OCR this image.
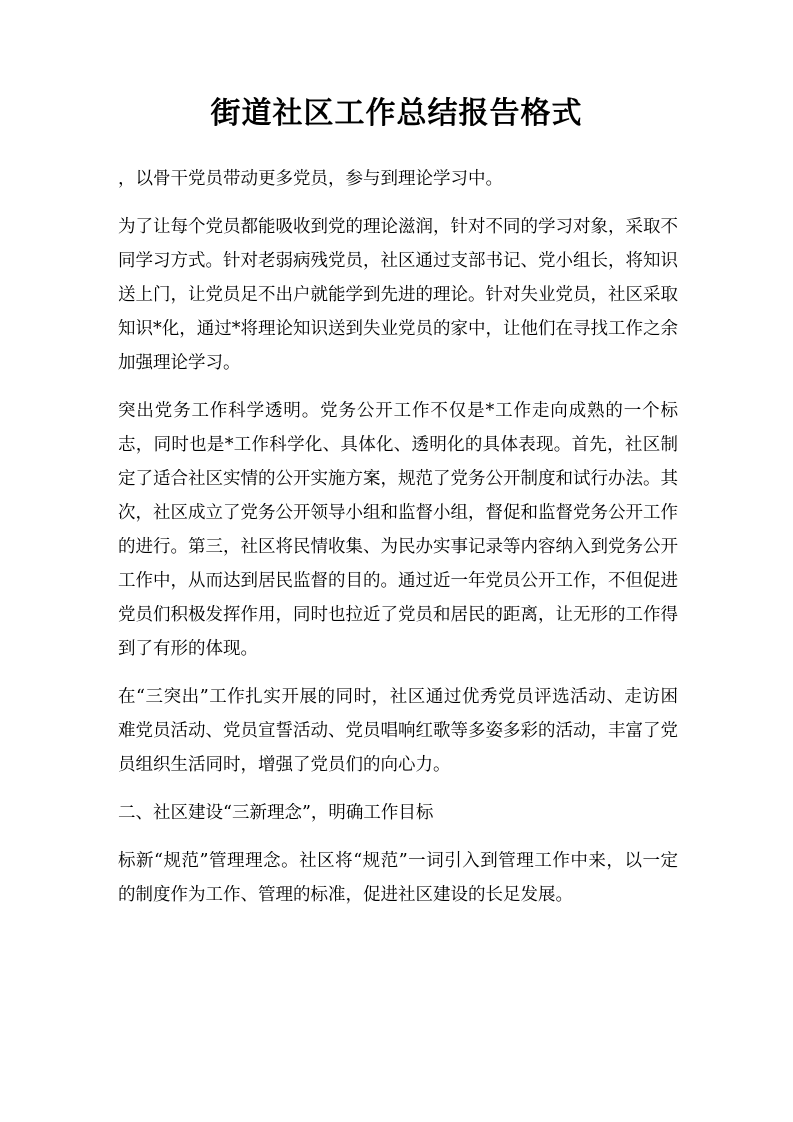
街道社区工作总结报告格式

，以骨干党员带动更多党员，参与到理论学习中。

为了让每个党员都能吸收到党的理论滋润，针对不同的学习对象，采取不同学习方式。针对老弱病残党员，社区通过支部书记、党小组长，将知识送上门，让党员足不出户就能学到先进的理论。针对失业党员，社区采取知识*化，通过*将理论知识送到失业党员的家中，让他们在寻找工作之余加强理论学习。

突出党务工作科学透明。党务公开工作不仅是*工作走向成熟的一个标志，同时也是*工作科学化、具体化、透明化的具体表现。首先，社区制定了适合社区实情的公开实施方案，规范了党务公开制度和试行办法。其次，社区成立了党务公开领导小组和监督小组，督促和监督党务公开工作的进行。第三，社区将民情收集、为民办实事记录等内容纳入到党务公开工作中，从而达到居民监督的目的。通过近一年党员公开工作，不但促进党员们积极发挥作用，同时也拉近了党员和居民的距离，让无形的工作得到了有形的体现。

在“三突出”工作扎实开展的同时，社区通过优秀党员评选活动、走访困难党员活动、党员宣誓活动、党员唱响红歌等多姿多彩的活动，丰富了党员组织生活同时，增强了党员们的向心力。

二、社区建设“三新理念”，明确工作目标

标新“规范”管理理念。社区将“规范”一词引入到管理工作中来，以一定的制度作为工作、管理的标准，促进社区建设的长足发展。
